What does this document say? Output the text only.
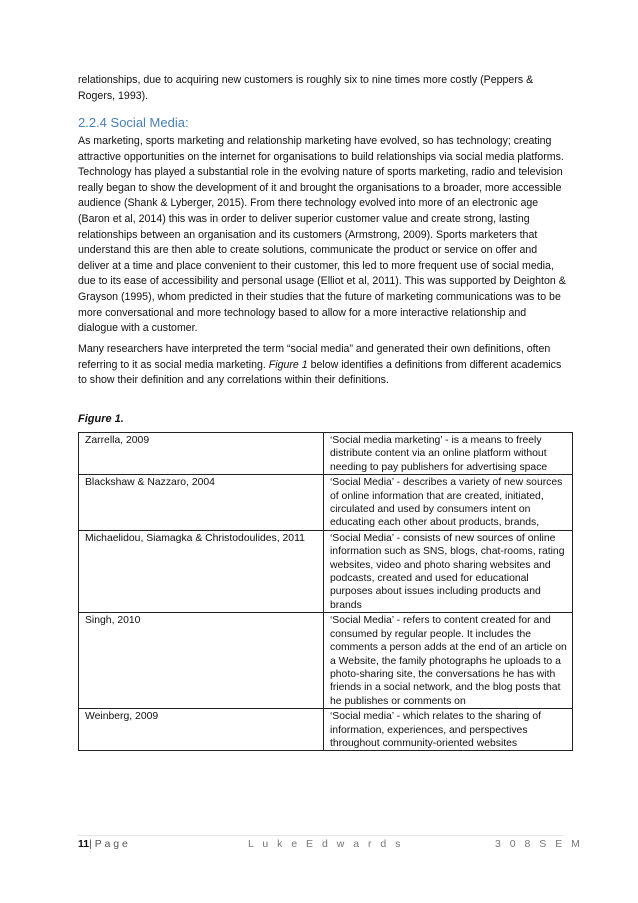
relationships, due to acquiring new customers is roughly six to nine times more costly (Peppers & Rogers, 1993).

2.2.4 Social Media:

As marketing, sports marketing and relationship marketing have evolved, so has technology; creating attractive opportunities on the internet for organisations to build relationships via social media platforms. Technology has played a substantial role in the evolving nature of sports marketing, radio and television really began to show the development of it and brought the organisations to a broader, more accessible audience (Shank & Lyberger, 2015). From there technology evolved into more of an electronic age (Baron et al, 2014) this was in order to deliver superior customer value and create strong, lasting relationships between an organisation and its customers (Armstrong, 2009). Sports marketers that understand this are then able to create solutions, communicate the product or service on offer and deliver at a time and place convenient to their customer, this led to more frequent use of social media, due to its ease of accessibility and personal usage (Elliot et al, 2011). This was supported by Deighton & Grayson (1995), whom predicted in their studies that the future of marketing communications was to be more conversational and more technology based to allow for a more interactive relationship and dialogue with a customer.

Many researchers have interpreted the term “social media” and generated their own definitions, often referring to it as social media marketing. Figure 1 below identifies a definitions from different academics to show their definition and any correlations within their definitions.

Figure 1.

Zarrella, 2009	‘Social media marketing’ - is a means to freely distribute content via an online platform without needing to pay publishers for advertising space
Blackshaw & Nazzaro, 2004	‘Social Media’ - describes a variety of new sources of online information that are created, initiated, circulated and used by consumers intent on educating each other about products, brands,
Michaelidou, Siamagka & Christodoulides, 2011	‘Social Media’ - consists of new sources of online information such as SNS, blogs, chat-rooms, rating websites, video and photo sharing websites and podcasts, created and used for educational purposes about issues including products and brands
Singh, 2010	‘Social Media’ - refers to content created for and consumed by regular people. It includes the comments a person adds at the end of an article on a Website, the family photographs he uploads to a photo-sharing site, the conversations he has with friends in a social network, and the blog posts that he publishes or comments on
Weinberg, 2009	‘Social media’ - which relates to the sharing of information, experiences, and perspectives throughout community-oriented websites

11| P a g e	L u k e E d w a r d s	3 0 8 S E M
